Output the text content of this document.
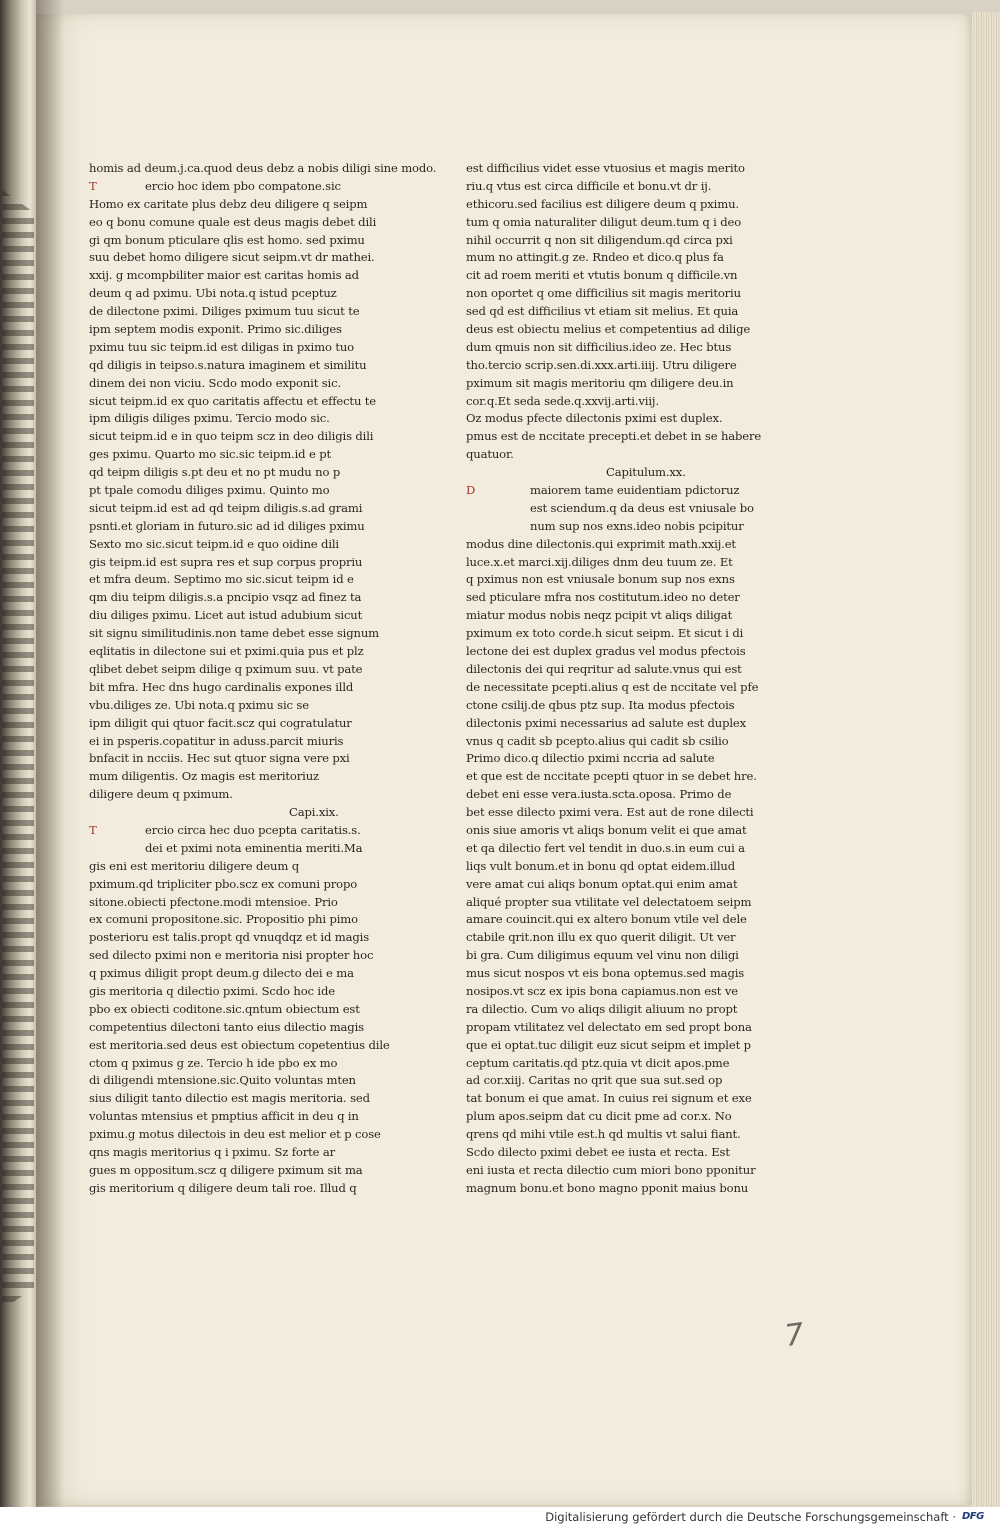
homis ad deum.j.ca.quod deus debz a nobis diligi sine modo.
T	ercio hoc idem pbo compatone.sic
Homo ex caritate plus debz deu diligere q seipm
eo q bonu comune quale est deus magis debet dili
gi qm bonum pticulare qlis est homo. sed pximu
suu debet homo diligere sicut seipm.vt dr mathei.
xxij. g mcompbiliter maior est caritas homis ad
deum q ad pximu. Ubi nota.q istud pceptuz
de dilectone pximi. Diliges pximum tuu sicut te
ipm septem modis exponit. Primo sic.diliges
pximu tuu sic teipm.id est diligas in pximo tuo
qd diligis in teipso.s.natura imaginem et similitu
dinem dei non viciu. Scdo modo exponit sic.
sicut teipm.id ex quo caritatis affectu et effectu te
ipm diligis diliges pximu. Tercio modo sic.
sicut teipm.id e in quo teipm scz in deo diligis dili
ges pximu. Quarto mo sic.sic teipm.id e pt
qd teipm diligis s.pt deu et no pt mudu no p
pt tpale comodu diliges pximu. Quinto mo
sicut teipm.id est ad qd teipm diligis.s.ad grami
psnti.et gloriam in futuro.sic ad id diliges pximu
Sexto mo sic.sicut teipm.id e quo oidine dili
gis teipm.id est supra res et sup corpus propriu
et mfra deum. Septimo mo sic.sicut teipm id e
qm diu teipm diligis.s.a pncipio vsqz ad finez ta
diu diliges pximu. Licet aut istud adubium sicut
sit signu similitudinis.non tame debet esse signum
eqlitatis in dilectone sui et pximi.quia pus et plz
qlibet debet seipm dilige q pximum suu. vt pate
bit mfra. Hec dns hugo cardinalis expones illd
vbu.diliges ze. Ubi nota.q pximu sic se
ipm diligit qui qtuor facit.scz qui cogratulatur
ei in psperis.copatitur in aduss.parcit miuris
bnfacit in ncciis. Hec sut qtuor signa vere pxi
mum diligentis. Oz magis est meritoriuz
diligere deum q pximum.
Capi.xix.
T	ercio circa hec duo pcepta caritatis.s.
dei et pximi nota eminentia meriti.Ma
gis eni est meritoriu diligere deum q
pximum.qd tripliciter pbo.scz ex comuni propo
sitone.obiecti pfectone.modi mtensioe. Prio
ex comuni propositone.sic. Propositio phi pimo
posterioru est talis.propt qd vnuqdqz et id magis
sed dilecto pximi non e meritoria nisi propter hoc
q pximus diligit propt deum.g dilecto dei e ma
gis meritoria q dilectio pximi. Scdo hoc ide
pbo ex obiecti coditone.sic.qntum obiectum est
competentius dilectoni tanto eius dilectio magis
est meritoria.sed deus est obiectum copetentius dile
ctom q pximus g ze. Tercio h ide pbo ex mo
di diligendi mtensione.sic.Quito voluntas mten
sius diligit tanto dilectio est magis meritoria. sed
voluntas mtensius et pmptius afficit in deu q in
pximu.g motus dilectois in deu est melior et p cose
qns magis meritorius q i pximu. Sz forte ar
gues m oppositum.scz q diligere pximum sit ma
gis meritorium q diligere deum tali roe. Illud q
est difficilius videt esse vtuosius et magis merito
riu.q vtus est circa difficile et bonu.vt dr ij.
ethicoru.sed facilius est diligere deum q pximu.
tum q omia naturaliter diligut deum.tum q i deo
nihil occurrit q non sit diligendum.qd circa pxi
mum no attingit.g ze. Rndeo et dico.q plus fa
cit ad roem meriti et vtutis bonum q difficile.vn
non oportet q ome difficilius sit magis meritoriu
sed qd est difficilius vt etiam sit melius. Et quia
deus est obiectu melius et competentius ad dilige
dum qmuis non sit difficilius.ideo ze. Hec btus
tho.tercio scrip.sen.di.xxx.arti.iiij. Utru diligere
pximum sit magis meritoriu qm diligere deu.in
cor.q.Et seda sede.q.xxvij.arti.viij.
Oz modus pfecte dilectonis pximi est duplex.
pmus est de nccitate precepti.et debet in se habere
quatuor.
Capitulum.xx.
D	maiorem tame euidentiam pdictoruz
est sciendum.q da deus est vniusale bo
num sup nos exns.ideo nobis pcipitur
modus dine dilectonis.qui exprimit math.xxij.et
luce.x.et marci.xij.diliges dnm deu tuum ze. Et
q pximus non est vniusale bonum sup nos exns
sed pticulare mfra nos costitutum.ideo no deter
miatur modus nobis neqz pcipit vt aliqs diligat
pximum ex toto corde.h sicut seipm. Et sicut i di
lectone dei est duplex gradus vel modus pfectois
dilectonis dei qui reqritur ad salute.vnus qui est
de necessitate pcepti.alius q est de nccitate vel pfe
ctone csilij.de qbus ptz sup. Ita modus pfectois
dilectonis pximi necessarius ad salute est duplex
vnus q cadit sb pcepto.alius qui cadit sb csilio
Primo dico.q dilectio pximi nccria ad salute
et que est de nccitate pcepti qtuor in se debet hre.
debet eni esse vera.iusta.scta.oposa. Primo de
bet esse dilecto pximi vera. Est aut de rone dilecti
onis siue amoris vt aliqs bonum velit ei que amat
et qa dilectio fert vel tendit in duo.s.in eum cui a
liqs vult bonum.et in bonu qd optat eidem.illud
vere amat cui aliqs bonum optat.qui enim amat
aliqué propter sua vtilitate vel delectatoem seipm
amare couincit.qui ex altero bonum vtile vel dele
ctabile qrit.non illu ex quo querit diligit. Ut ver
bi gra. Cum diligimus equum vel vinu non diligi
mus sicut nospos vt eis bona optemus.sed magis
nosipos.vt scz ex ipis bona capiamus.non est ve
ra dilectio. Cum vo aliqs diligit aliuum no propt
propam vtilitatez vel delectato em sed propt bona
que ei optat.tuc diligit euz sicut seipm et implet p
ceptum caritatis.qd ptz.quia vt dicit apos.pme
ad cor.xiij. Caritas no qrit que sua sut.sed op
tat bonum ei que amat. In cuius rei signum et exe
plum apos.seipm dat cu dicit pme ad cor.x. No
qrens qd mihi vtile est.h qd multis vt salui fiant.
Scdo dilecto pximi debet ee iusta et recta. Est
eni iusta et recta dilectio cum miori bono pponitur
magnum bonu.et bono magno pponit maius bonu
7
Digitalisierung gefördert durch die Deutsche Forschungsgemeinschaft · DFG
